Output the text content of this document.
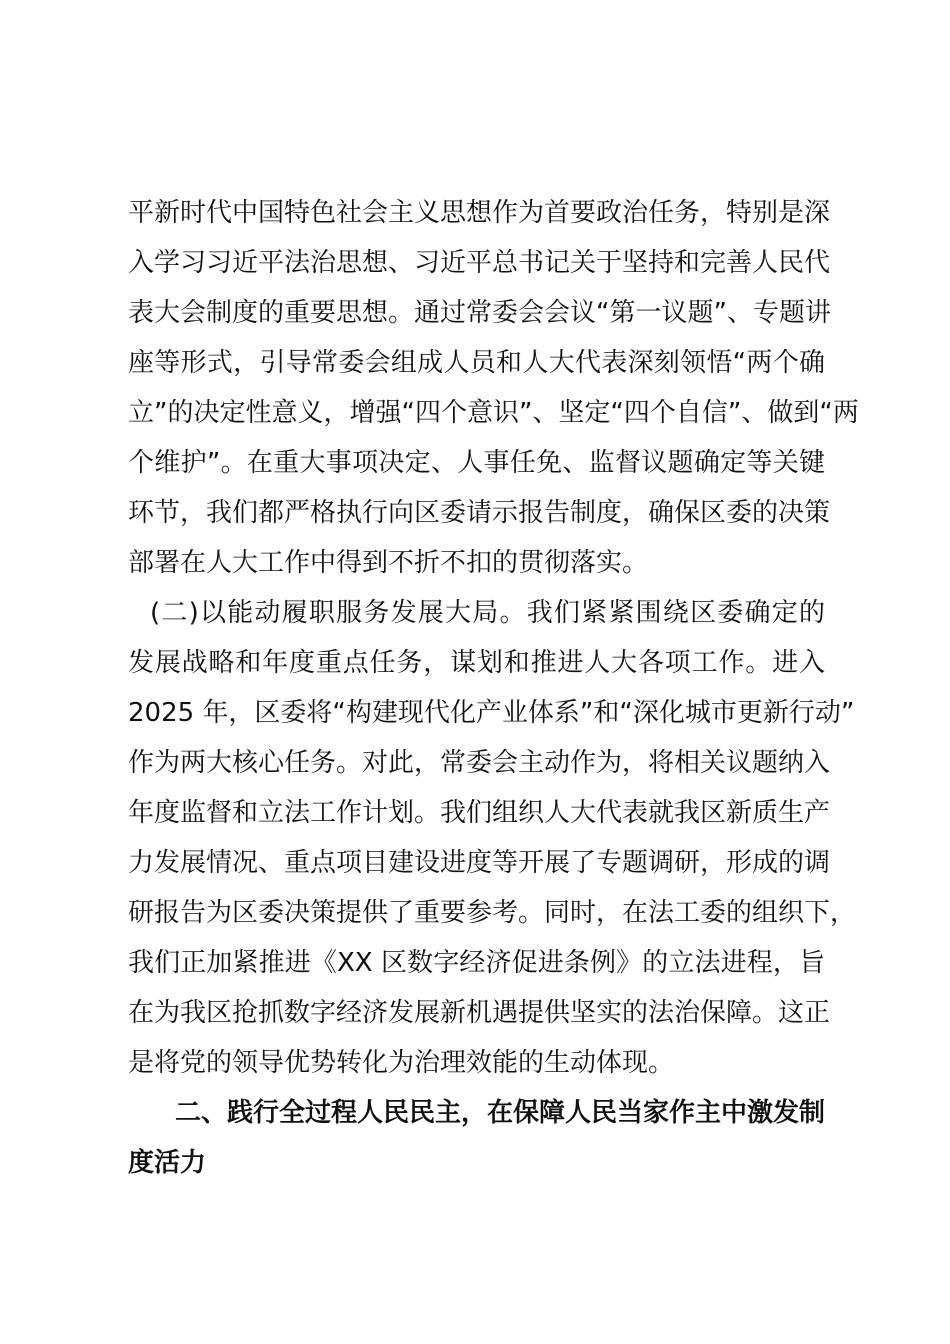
平新时代中国特色社会主义思想作为首要政治任务，特别是深
入学习习近平法治思想、习近平总书记关于坚持和完善人民代
表大会制度的重要思想。通过常委会会议“第一议题”、专题讲
座等形式，引导常委会组成人员和人大代表深刻领悟“两个确
立”的决定性意义，增强“四个意识”、坚定“四个自信”、做到“两
个维护”。在重大事项决定、人事任免、监督议题确定等关键
环节，我们都严格执行向区委请示报告制度，确保区委的决策
部署在人大工作中得到不折不扣的贯彻落实。
(二)以能动履职服务发展大局。我们紧紧围绕区委确定的
发展战略和年度重点任务，谋划和推进人大各项工作。进入
2025 年，区委将“构建现代化产业体系”和“深化城市更新行动”
作为两大核心任务。对此，常委会主动作为，将相关议题纳入
年度监督和立法工作计划。我们组织人大代表就我区新质生产
力发展情况、重点项目建设进度等开展了专题调研，形成的调
研报告为区委决策提供了重要参考。同时，在法工委的组织下，
我们正加紧推进《XX 区数字经济促进条例》的立法进程，旨
在为我区抢抓数字经济发展新机遇提供坚实的法治保障。这正
是将党的领导优势转化为治理效能的生动体现。
二、践行全过程人民民主，在保障人民当家作主中激发制
度活力
